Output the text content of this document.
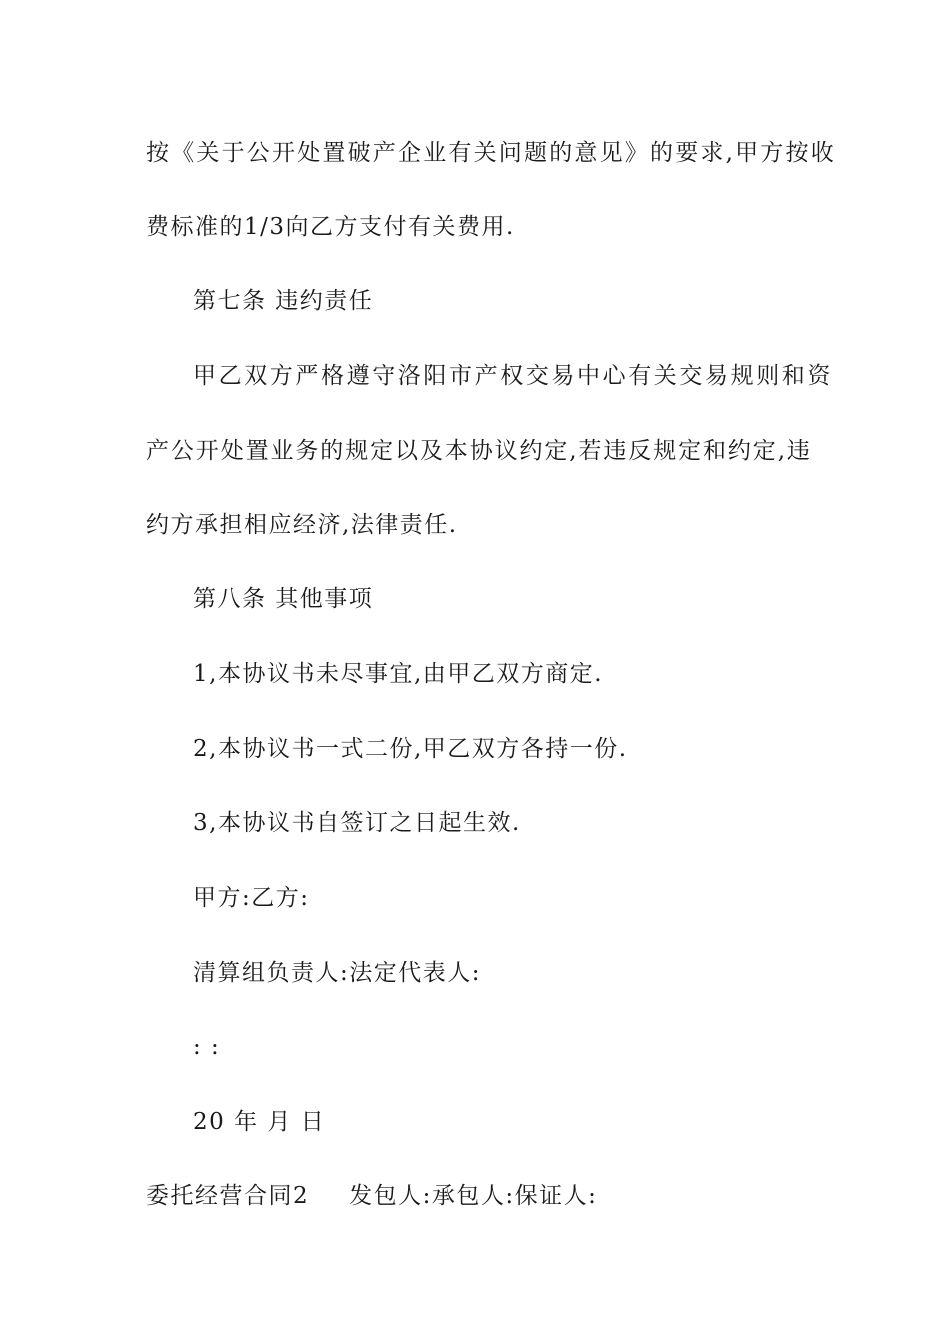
按《关于公开处置破产企业有关问题的意见》的要求,甲方按收
费标准的1/3向乙方支付有关费用.
第七条 违约责任
甲乙双方严格遵守洛阳市产权交易中心有关交易规则和资
产公开处置业务的规定以及本协议约定,若违反规定和约定,违
约方承担相应经济,法律责任.
第八条 其他事项
1,本协议书未尽事宜,由甲乙双方商定.
2,本协议书一式二份,甲乙双方各持一份.
3,本协议书自签订之日起生效.
甲方:乙方:
清算组负责人:法定代表人:
: :
20 年 月 日
委托经营合同2 发包人:承包人:保证人:
